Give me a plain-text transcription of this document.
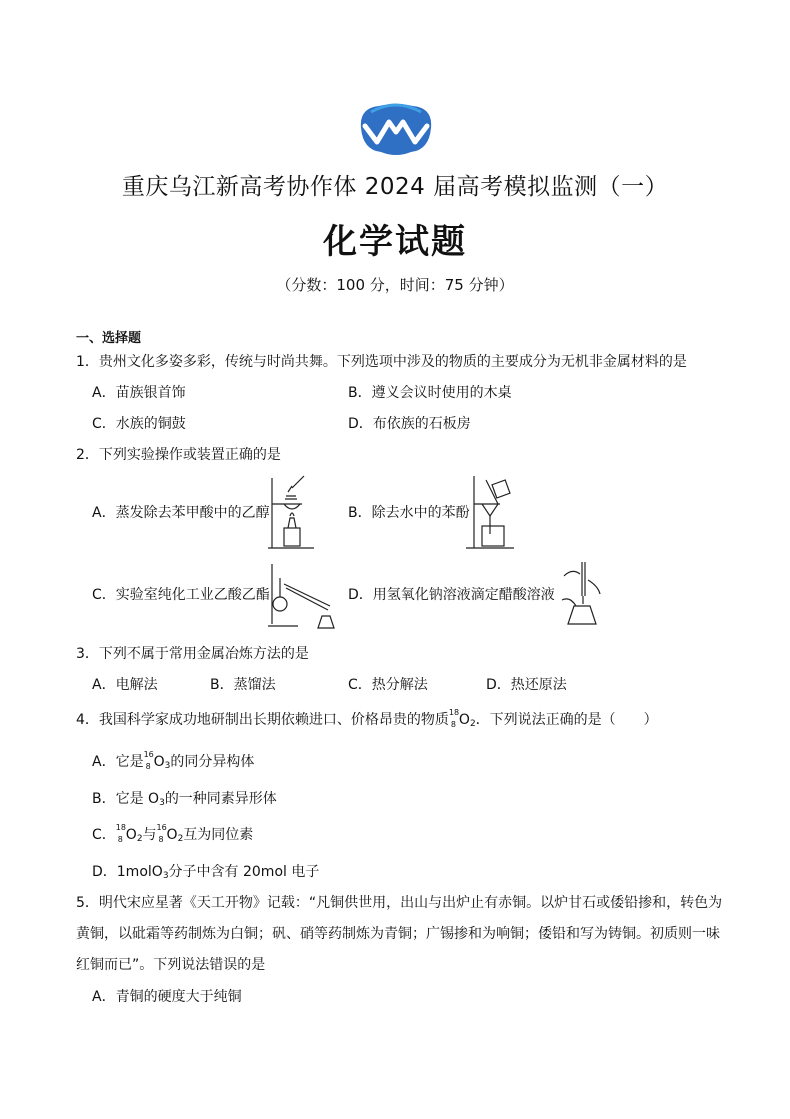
重庆乌江新高考协作体 2024 届高考模拟监测（一）
化学试题
（分数：100 分，时间：75 分钟）
一、选择题
1．贵州文化多姿多彩，传统与时尚共舞。下列选项中涉及的物质的主要成分为无机非金属材料的是
A．苗族银首饰	B．遵义会议时使用的木桌
C．水族的铜鼓	D．布依族的石板房
2．下列实验操作或装置正确的是
A．蒸发除去苯甲酸中的乙醇	B．除去水中的苯酚
C．实验室纯化工业乙酸乙酯	D．用氢氧化钠溶液滴定醋酸溶液
3．下列不属于常用金属冶炼方法的是
A．电解法	B．蒸馏法	C．热分解法	D．热还原法
4．我国科学家成功地研制出长期依赖进口、价格昂贵的物质 18
8 $O_2$．下列说法正确的是（　　）
A．它是 16
8 $O_3$的同分异构体
B．它是 $O_3$的一种同素异形体
C． 18
8 $O_2$与 16
8 $O_2$互为同位素
D．1molO$_3$分子中含有 20mol 电子
5．明代宋应星著《天工开物》记载：“凡铜供世用，出山与出炉止有赤铜。以炉甘石或倭铅掺和，转色为
黄铜，以砒霜等药制炼为白铜；矾、硝等药制炼为青铜；广锡掺和为响铜；倭铅和写为铸铜。初质则一味
红铜而已”。下列说法错误的是
A．青铜的硬度大于纯铜
